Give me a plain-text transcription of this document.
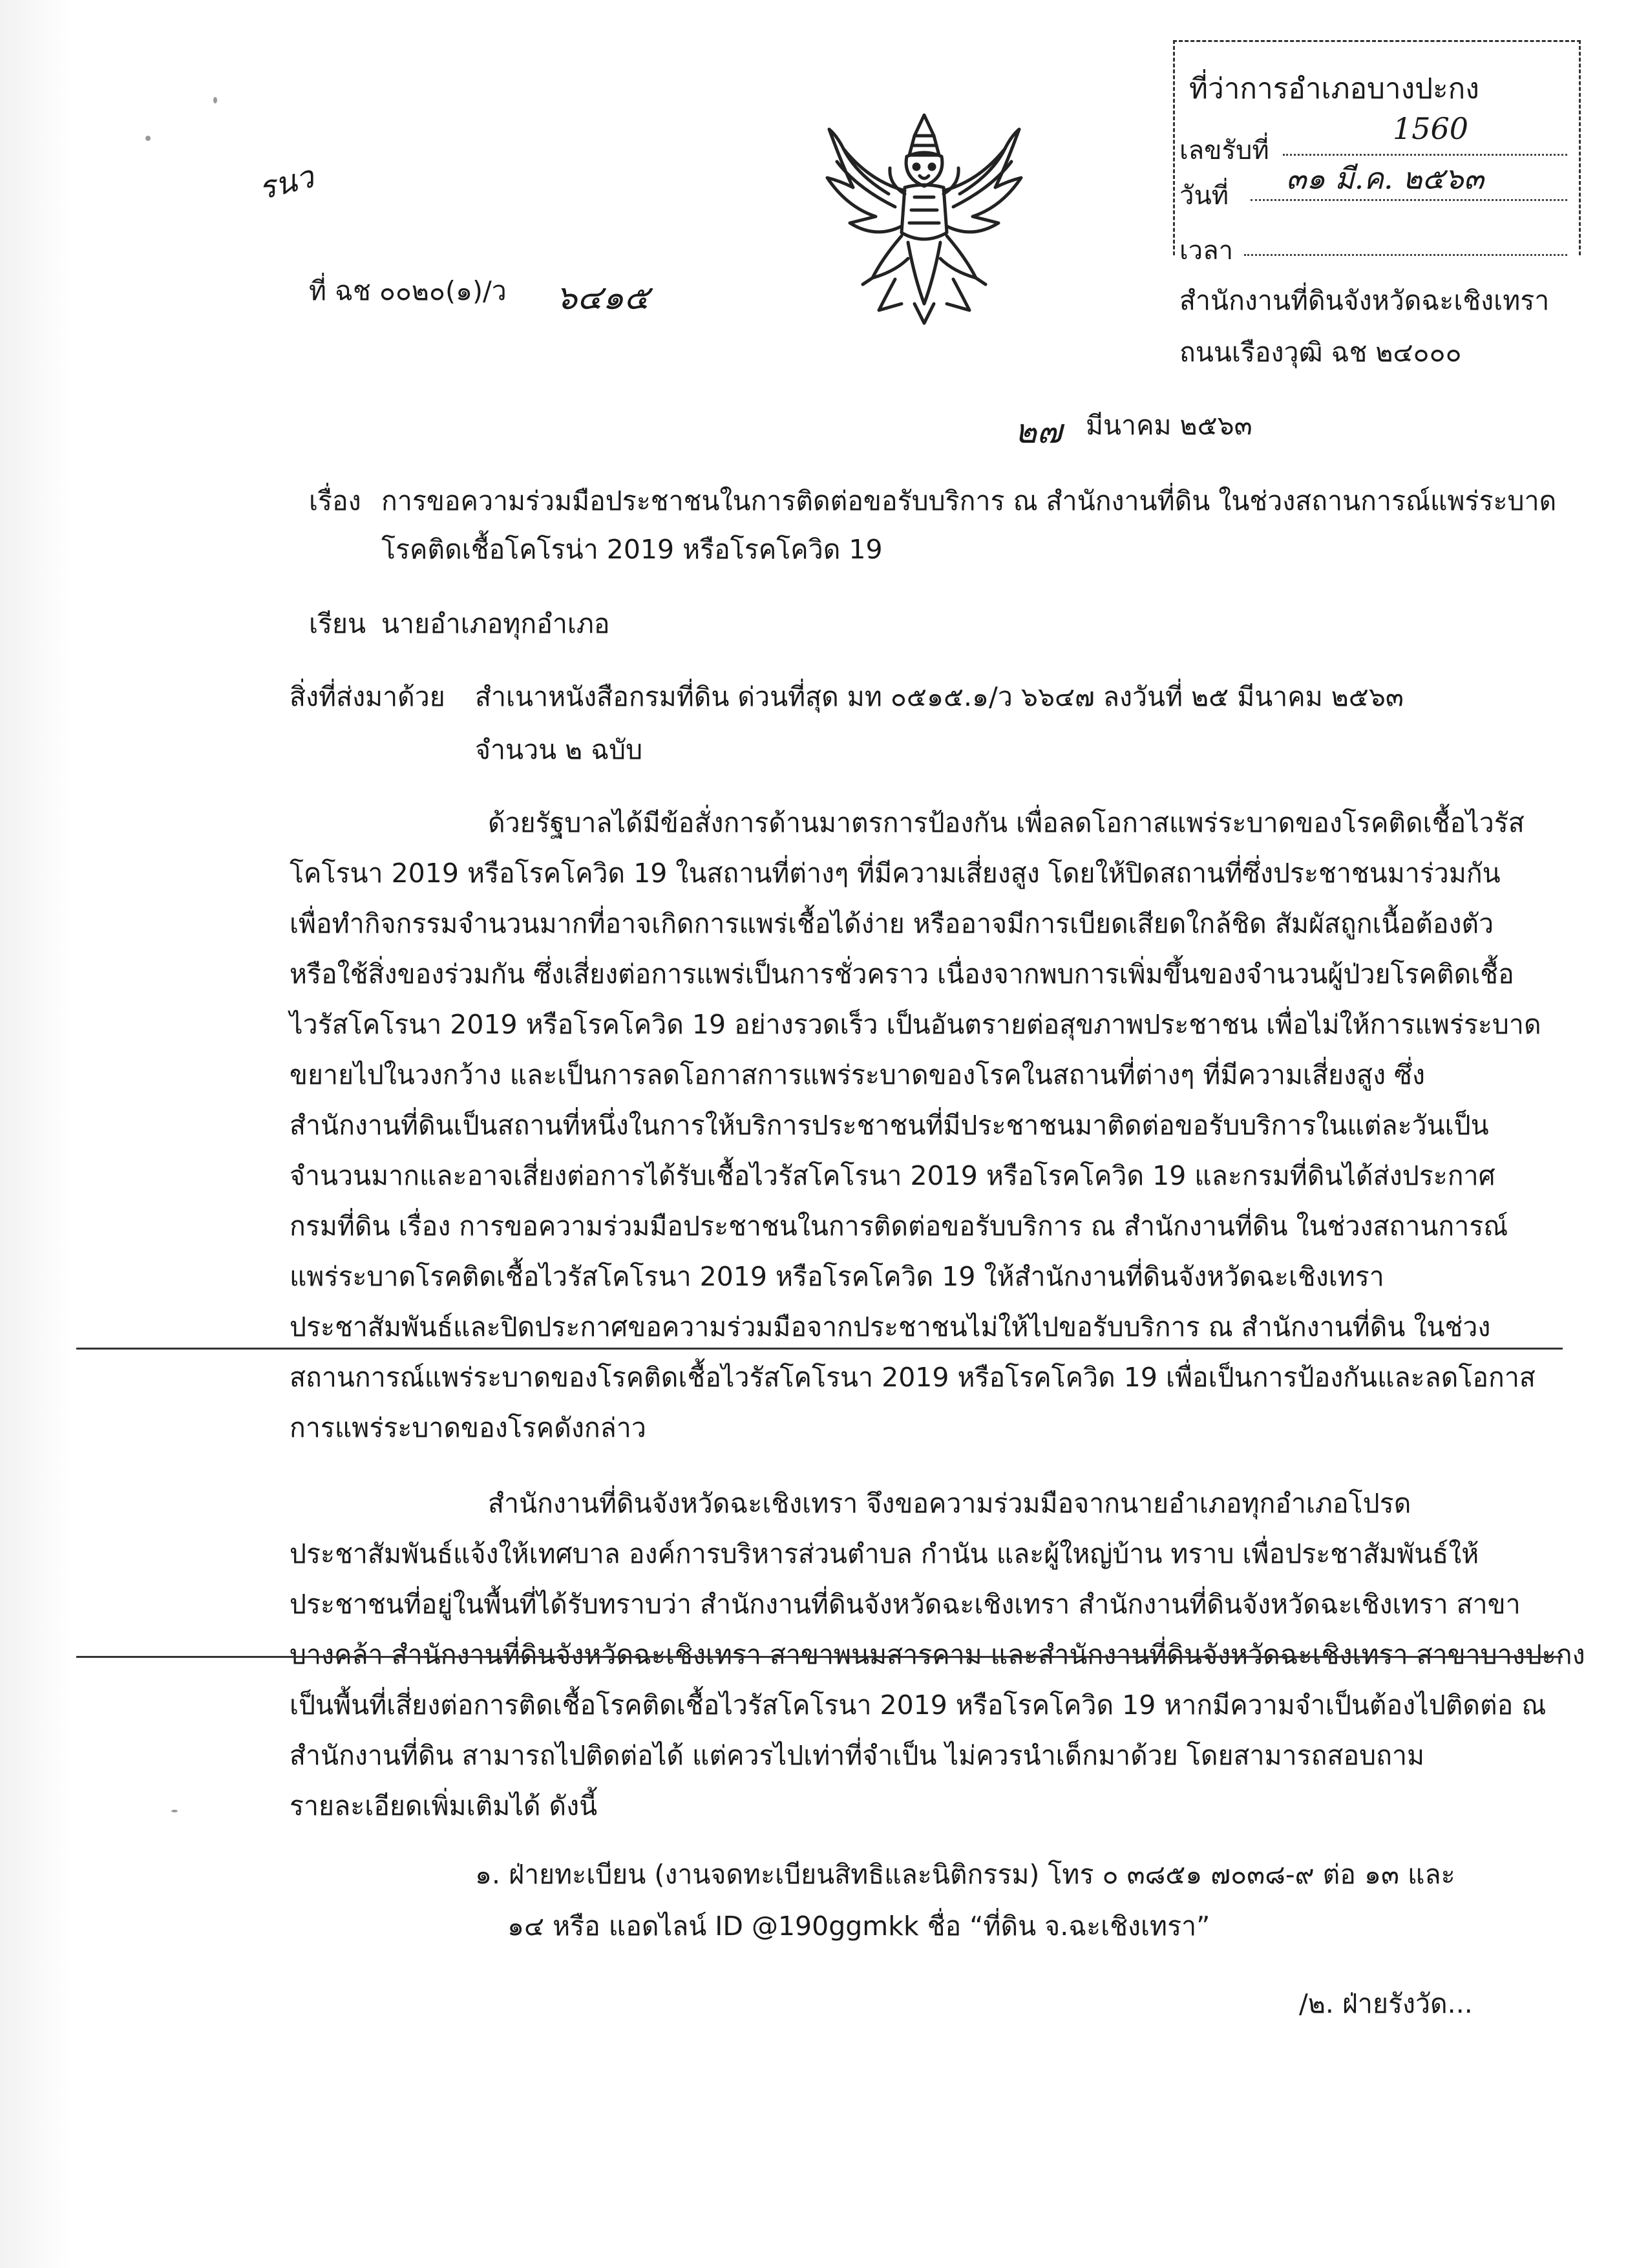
ที่ว่าการอำเภอบางปะกง
เลขรับที่
1560
วันที่ ๓๑ มี.ค. ๒๕๖๓
เวลา
รนว
ที่ ฉช ๐๐๒๐(๑)/ว ๖๔๑๕	สำนักงานที่ดินจังหวัดฉะเชิงเทรา
ถนนเรืองวุฒิ ฉช ๒๔๐๐๐
๒๗ มีนาคม ๒๕๖๓
เรื่อง การขอความร่วมมือประชาชนในการติดต่อขอรับบริการ ณ สำนักงานที่ดิน ในช่วงสถานการณ์แพร่ระบาด
โรคติดเชื้อโคโรน่า 2019 หรือโรคโควิด 19
เรียน นายอำเภอทุกอำเภอ
สิ่งที่ส่งมาด้วย สำเนาหนังสือกรมที่ดิน ด่วนที่สุด มท ๐๕๑๕.๑/ว ๖๖๔๗ ลงวันที่ ๒๕ มีนาคม ๒๕๖๓
จำนวน ๒ ฉบับ
ด้วยรัฐบาลได้มีข้อสั่งการด้านมาตรการป้องกัน เพื่อลดโอกาสแพร่ระบาดของโรคติดเชื้อไวรัส
โคโรนา 2019 หรือโรคโควิด 19 ในสถานที่ต่างๆ ที่มีความเสี่ยงสูง โดยให้ปิดสถานที่ซึ่งประชาชนมาร่วมกัน
เพื่อทำกิจกรรมจำนวนมากที่อาจเกิดการแพร่เชื้อได้ง่าย หรืออาจมีการเบียดเสียดใกล้ชิด สัมผัสถูกเนื้อต้องตัว
หรือใช้สิ่งของร่วมกัน ซึ่งเสี่ยงต่อการแพร่เป็นการชั่วคราว เนื่องจากพบการเพิ่มขึ้นของจำนวนผู้ป่วยโรคติดเชื้อ
ไวรัสโคโรนา 2019 หรือโรคโควิด 19 อย่างรวดเร็ว เป็นอันตรายต่อสุขภาพประชาชน เพื่อไม่ให้การแพร่ระบาด
ขยายไปในวงกว้าง และเป็นการลดโอกาสการแพร่ระบาดของโรคในสถานที่ต่างๆ ที่มีความเสี่ยงสูง ซึ่ง
สำนักงานที่ดินเป็นสถานที่หนึ่งในการให้บริการประชาชนที่มีประชาชนมาติดต่อขอรับบริการในแต่ละวันเป็น
จำนวนมากและอาจเสี่ยงต่อการได้รับเชื้อไวรัสโคโรนา 2019 หรือโรคโควิด 19 และกรมที่ดินได้ส่งประกาศ
กรมที่ดิน เรื่อง การขอความร่วมมือประชาชนในการติดต่อขอรับบริการ ณ สำนักงานที่ดิน ในช่วงสถานการณ์
แพร่ระบาดโรคติดเชื้อไวรัสโคโรนา 2019 หรือโรคโควิด 19 ให้สำนักงานที่ดินจังหวัดฉะเชิงเทรา
ประชาสัมพันธ์และปิดประกาศขอความร่วมมือจากประชาชนไม่ให้ไปขอรับบริการ ณ สำนักงานที่ดิน ในช่วง
สถานการณ์แพร่ระบาดของโรคติดเชื้อไวรัสโคโรนา 2019 หรือโรคโควิด 19 เพื่อเป็นการป้องกันและลดโอกาส
การแพร่ระบาดของโรคดังกล่าว
สำนักงานที่ดินจังหวัดฉะเชิงเทรา จึงขอความร่วมมือจากนายอำเภอทุกอำเภอโปรด
ประชาสัมพันธ์แจ้งให้เทศบาล องค์การบริหารส่วนตำบล กำนัน และผู้ใหญ่บ้าน ทราบ เพื่อประชาสัมพันธ์ให้
ประชาชนที่อยู่ในพื้นที่ได้รับทราบว่า สำนักงานที่ดินจังหวัดฉะเชิงเทรา สำนักงานที่ดินจังหวัดฉะเชิงเทรา สาขา
บางคล้า สำนักงานที่ดินจังหวัดฉะเชิงเทรา สาขาพนมสารคาม และสำนักงานที่ดินจังหวัดฉะเชิงเทรา สาขาบางปะกง
เป็นพื้นที่เสี่ยงต่อการติดเชื้อโรคติดเชื้อไวรัสโคโรนา 2019 หรือโรคโควิด 19 หากมีความจำเป็นต้องไปติดต่อ ณ
สำนักงานที่ดิน สามารถไปติดต่อได้ แต่ควรไปเท่าที่จำเป็น ไม่ควรนำเด็กมาด้วย โดยสามารถสอบถาม
รายละเอียดเพิ่มเติมได้ ดังนี้
๑. ฝ่ายทะเบียน (งานจดทะเบียนสิทธิและนิติกรรม) โทร ๐ ๓๘๕๑ ๗๐๓๘-๙ ต่อ ๑๓ และ
๑๔ หรือ แอดไลน์ ID @190ggmkk ชื่อ “ที่ดิน จ.ฉะเชิงเทรา”
/๒. ฝ่ายรังวัด...
